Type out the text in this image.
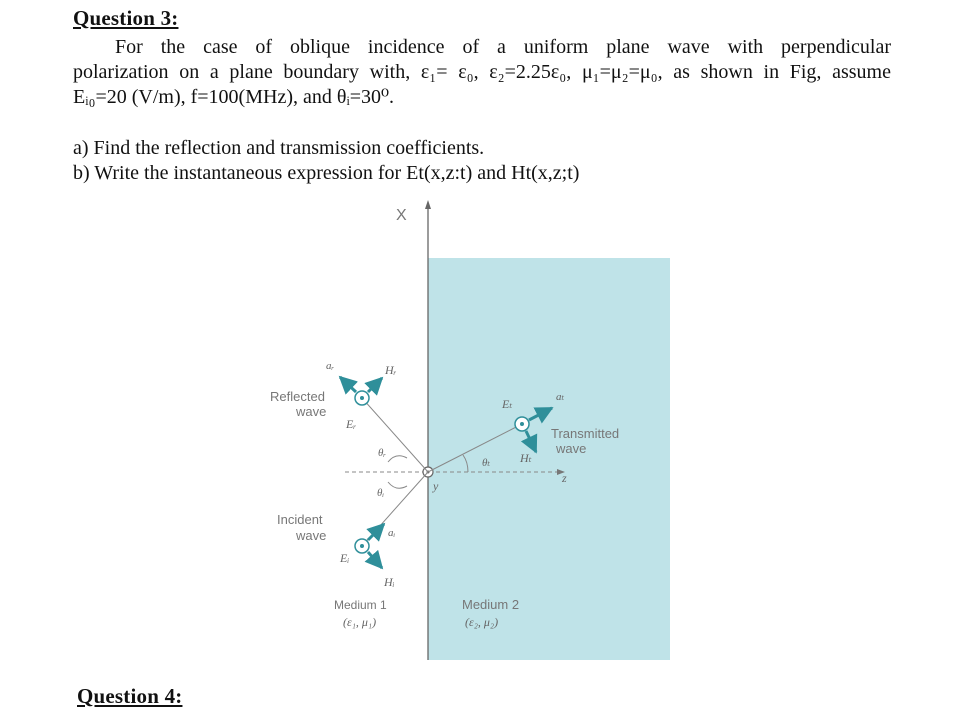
Question 3:
For the case of oblique incidence of a uniform plane wave with perpendicular
polarization on a plane boundary with, ε₁= ε₀, ε₂=2.25ε₀, μ₁=μ₂=μ₀, as shown in Fig, assume
Eᵢ₀=20 (V/m), f=100(MHz), and θᵢ=30⁰.
a) Find the reflection and transmission coefficients.
b) Write the instantaneous expression for Et(x,z:t) and Ht(x,z;t)
X
z
y
aᵣ	Hᵣ
Eᵣ
Reflected
wave
θᵣ
aᵢ
Eᵢ
Hᵢ
Incident
wave
θᵢ
Eₜ	aₜ
Hₜ
Transmitted
wave
θₜ
Medium 1
(ε₁, μ₁)
Medium 2
(ε₂, μ₂)
Question 4:
